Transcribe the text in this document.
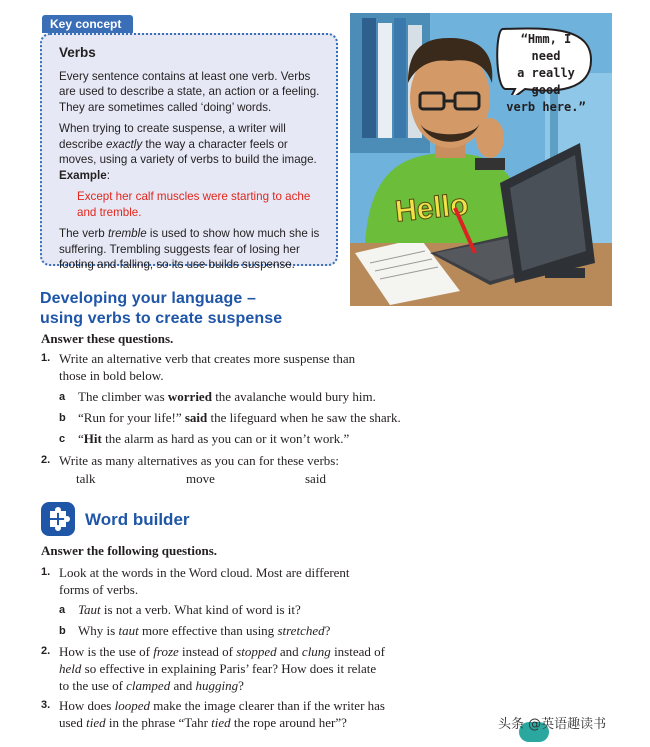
Key concept
Verbs

Every sentence contains at least one verb. Verbs are used to describe a state, an action or a feeling. They are sometimes called ‘doing’ words.

When trying to create suspense, a writer will describe exactly the way a character feels or moves, using a variety of verbs to build the image. Example:

Except her calf muscles were starting to ache and tremble.

The verb tremble is used to show how much she is suffering. Trembling suggests fear of losing her footing and falling, so its use builds suspense.

Hello
“Hmm, I need
a really good
verb here.”
Developing your language –
using verbs to create suspense
Answer these questions.
1. Write an alternative verb that creates more suspense than
those in bold below.
a The climber was worried the avalanche would bury him.
b “Run for your life!” said the lifeguard when he saw the shark.
c “Hit the alarm as hard as you can or it won’t work.”
2. Write as many alternatives as you can for these verbs:
talk	move	said
Word builder
Answer the following questions.
1. Look at the words in the Word cloud. Most are different
forms of verbs.
a Taut is not a verb. What kind of word is it?
b Why is taut more effective than using stretched?
2. How is the use of froze instead of stopped and clung instead of
held so effective in explaining Paris’ fear? How does it relate
to the use of clamped and hugging?
3. How does looped make the image clearer than if the writer has
used tied in the phrase “Tahr tied the rope around her”?	头条 @英语趣读书
